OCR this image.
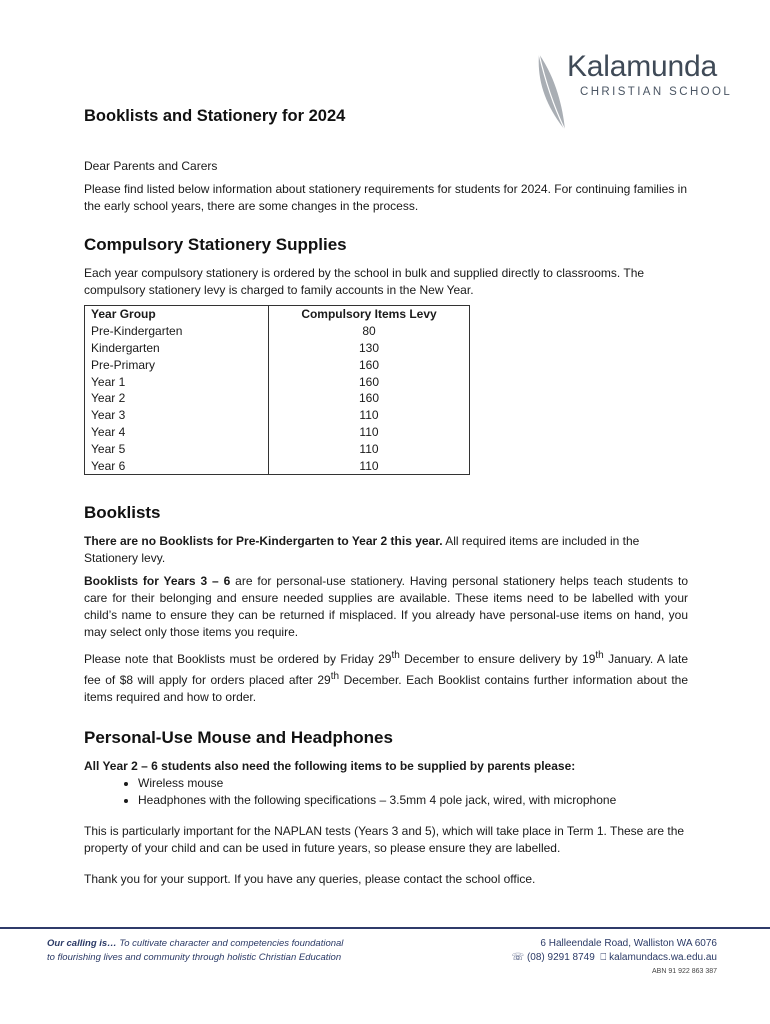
Kalamunda
CHRISTIAN SCHOOL
Booklists and Stationery for 2024

Dear Parents and Carers

Please find listed below information about stationery requirements for students for 2024. For continuing families in the early school years, there are some changes in the process.

Compulsory Stationery Supplies

Each year compulsory stationery is ordered by the school in bulk and supplied directly to classrooms. The compulsory stationery levy is charged to family accounts in the New Year.

Year Group	Compulsory Items Levy
Pre-Kindergarten	80
Kindergarten	130
Pre-Primary	160
Year 1	160
Year 2	160
Year 3	110
Year 4	110
Year 5	110
Year 6	110
Booklists

There are no Booklists for Pre-Kindergarten to Year 2 this year. All required items are included in the Stationery levy.

Booklists for Years 3 – 6 are for personal-use stationery. Having personal stationery helps teach students to care for their belonging and ensure needed supplies are available. These items need to be labelled with your child’s name to ensure they can be returned if misplaced. If you already have personal-use items on hand, you may select only those items you require.

Please note that Booklists must be ordered by Friday 29th December to ensure delivery by 19th January. A late fee of $8 will apply for orders placed after 29th December. Each Booklist contains further information about the items required and how to order.

Personal-Use Mouse and Headphones

All Year 2 – 6 students also need the following items to be supplied by parents please:

• Wireless mouse
• Headphones with the following specifications – 3.5mm 4 pole jack, wired, with microphone

This is particularly important for the NAPLAN tests (Years 3 and 5), which will take place in Term 1. These are the property of your child and can be used in future years, so please ensure they are labelled.

Thank you for your support. If you have any queries, please contact the school office.

Our calling is… To cultivate character and competencies foundational to flourishing lives and community through holistic Christian Education
6 Halleendale Road, Walliston WA 6076
☏ (08) 9291 8749 ⎕ kalamundacs.wa.edu.au
ABN 91 922 863 387
